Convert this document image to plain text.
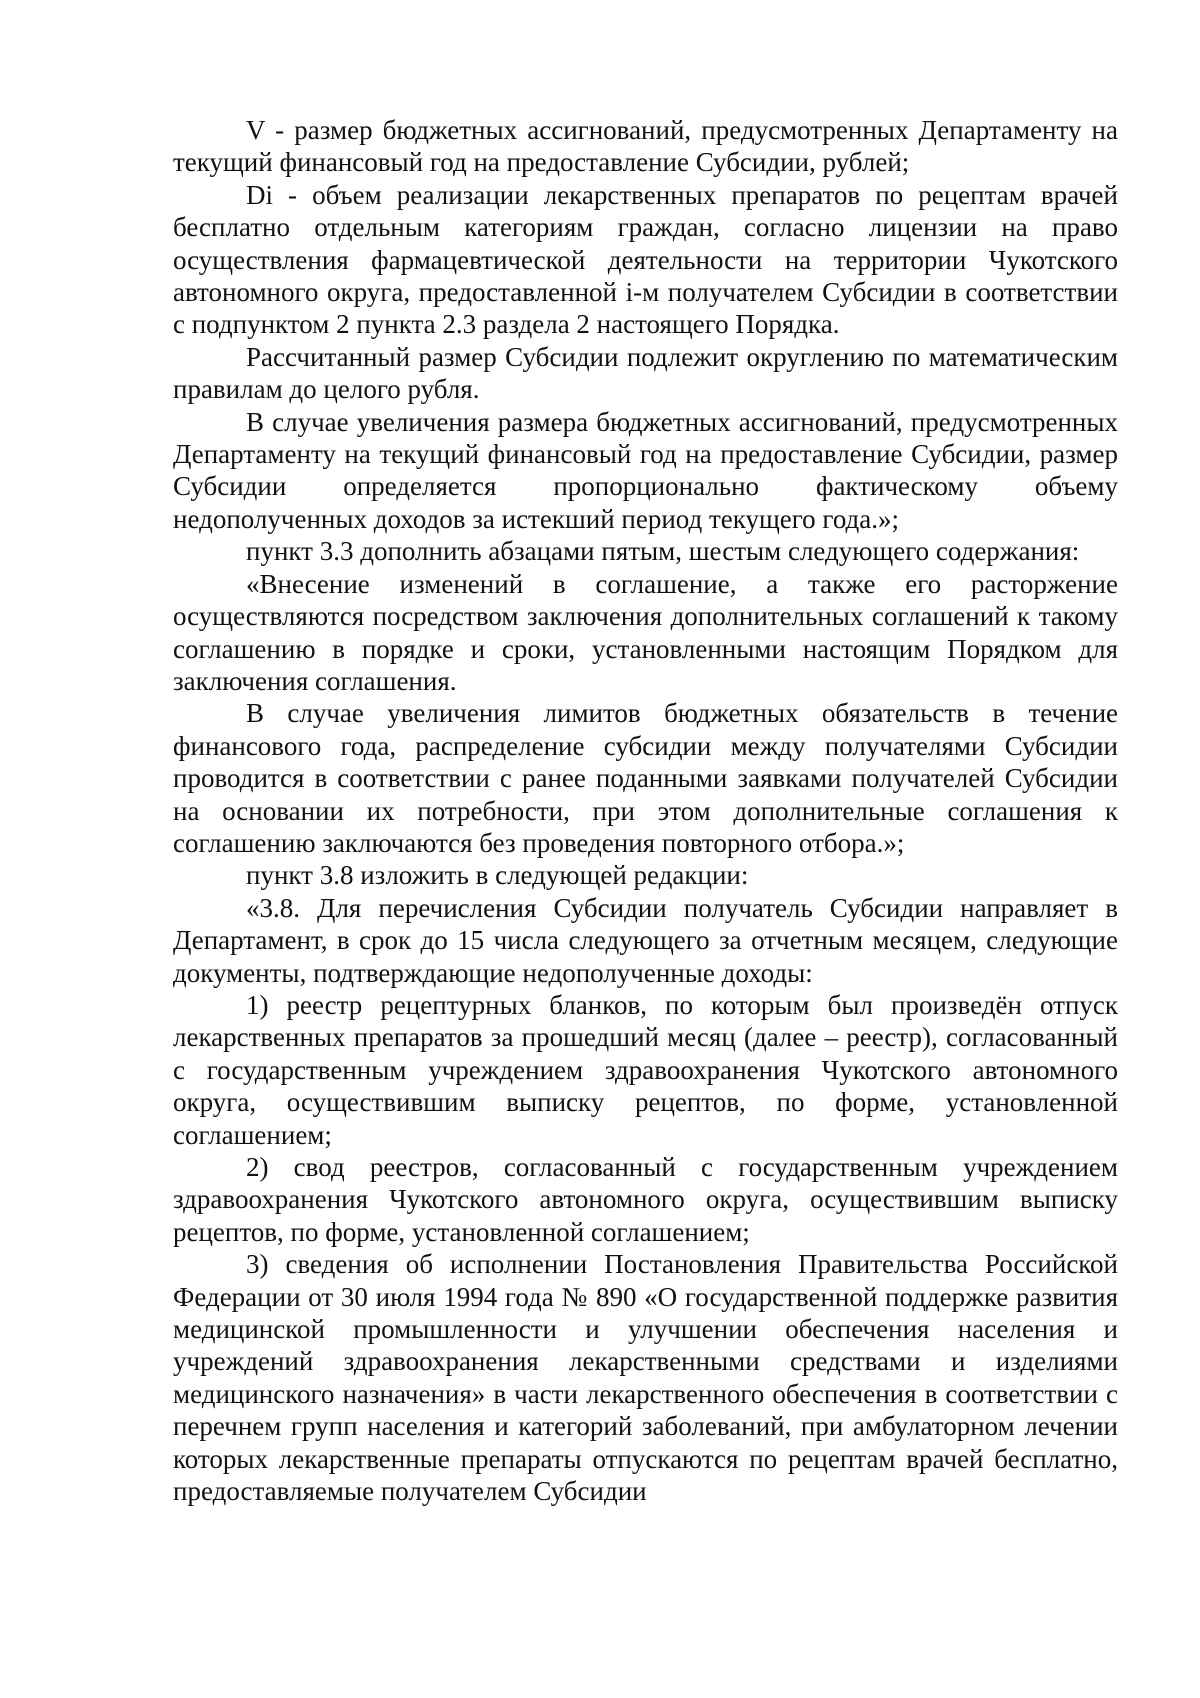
V - размер бюджетных ассигнований, предусмотренных Департаменту на текущий финансовый год на предоставление Субсидии, рублей;

Di - объем реализации лекарственных препаратов по рецептам врачей бесплатно отдельным категориям граждан, согласно лицензии на право осуществления фармацевтической деятельности на территории Чукотского автономного округа, предоставленной i-м получателем Субсидии в соответствии с подпунктом 2 пункта 2.3 раздела 2 настоящего Порядка.

Рассчитанный размер Субсидии подлежит округлению по математическим правилам до целого рубля.

В случае увеличения размера бюджетных ассигнований, предусмотренных Департаменту на текущий финансовый год на предоставление Субсидии, размер Субсидии определяется пропорционально фактическому объему недополученных доходов за истекший период текущего года.»;

пункт 3.3 дополнить абзацами пятым, шестым следующего содержания:

«Внесение изменений в соглашение, а также его расторжение осуществляются посредством заключения дополнительных соглашений к такому соглашению в порядке и сроки, установленными настоящим Порядком для заключения соглашения.

В случае увеличения лимитов бюджетных обязательств в течение финансового года, распределение субсидии между получателями Субсидии проводится в соответствии с ранее поданными заявками получателей Субсидии на основании их потребности, при этом дополнительные соглашения к соглашению заключаются без проведения повторного отбора.»;

пункт 3.8 изложить в следующей редакции:

«3.8. Для перечисления Субсидии получатель Субсидии направляет в Департамент, в срок до 15 числа следующего за отчетным месяцем, следующие документы, подтверждающие недополученные доходы:

1) реестр рецептурных бланков, по которым был произведён отпуск лекарственных препаратов за прошедший месяц (далее – реестр), согласованный с государственным учреждением здравоохранения Чукотского автономного округа, осуществившим выписку рецептов, по форме, установленной соглашением;

2) свод реестров, согласованный с государственным учреждением здравоохранения Чукотского автономного округа, осуществившим выписку рецептов, по форме, установленной соглашением;

3) сведения об исполнении Постановления Правительства Российской Федерации от 30 июля 1994 года № 890 «О государственной поддержке развития медицинской промышленности и улучшении обеспечения населения и учреждений здравоохранения лекарственными средствами и изделиями медицинского назначения» в части лекарственного обеспечения в соответствии с перечнем групп населения и категорий заболеваний, при амбулаторном лечении которых лекарственные препараты отпускаются по рецептам врачей бесплатно, предоставляемые получателем Субсидии
